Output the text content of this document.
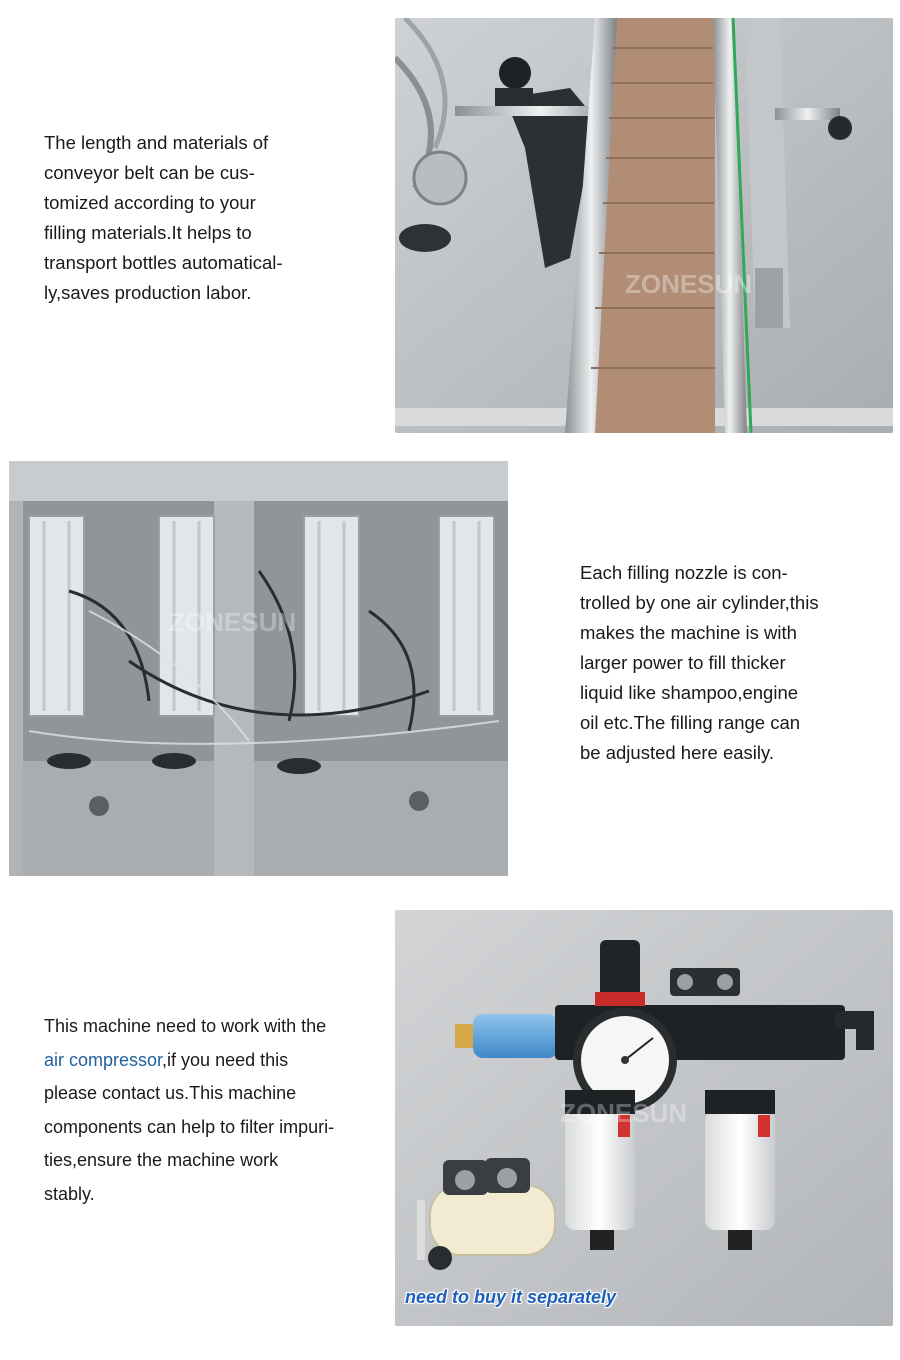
The length and materials of

conveyor belt can be cus-

tomized according to your

filling materials.It helps to

transport bottles automatical-

ly,saves production labor.	ZONESUN
ZONESUN

Each filling nozzle is con-

trolled by one air cylinder,this

makes the machine is with

larger power to fill thicker

liquid like shampoo,engine

oil etc.The filling range can

be adjusted here easily.

This machine need to work with the

air compressor,if you need this

please contact us.This machine

components can help to filter impuri-

ties,ensure the machine work

stably.

ZONESUN
need to buy it separately
